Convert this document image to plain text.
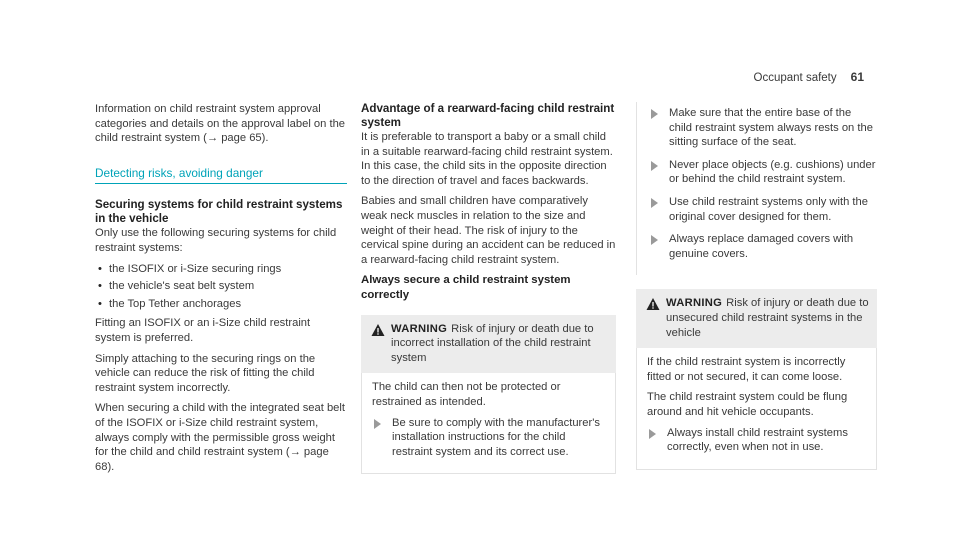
Occupant safety 61

Information on child restraint system approval categories and details on the approval label on the child restraint system (→ page 65).

Detecting risks, avoiding danger
Securing systems for child restraint systems in the vehicle

Only use the following securing systems for child restraint systems:

• the ISOFIX or i-Size securing rings
• the vehicle's seat belt system
• the Top Tether anchorages

Fitting an ISOFIX or an i-Size child restraint system is preferred.

Simply attaching to the securing rings on the vehicle can reduce the risk of fitting the child restraint system incorrectly.

When securing a child with the integrated seat belt of the ISOFIX or i-Size child restraint system, always comply with the permissible gross weight for the child and child restraint system (→ page 68).

Advantage of a rearward-facing child restraint system

It is preferable to transport a baby or a small child in a suitable rearward-facing child restraint system. In this case, the child sits in the opposite direction to the direction of travel and faces backwards.

Babies and small children have comparatively weak neck muscles in relation to the size and weight of their head. The risk of injury to the cervical spine during an accident can be reduced in a rearward-facing child restraint system.

Always secure a child restraint system correctly
WARNING Risk of injury or death due to incorrect installation of the child restraint system

The child can then not be protected or restrained as intended.

Be sure to comply with the manufacturer's installation instructions for the child restraint system and its correct use.
Make sure that the entire base of the child restraint system always rests on the sitting surface of the seat.
Never place objects (e.g. cushions) under or behind the child restraint system.
Use child restraint systems only with the original cover designed for them.
Always replace damaged covers with genuine covers.
WARNING Risk of injury or death due to unsecured child restraint systems in the vehicle

If the child restraint system is incorrectly fitted or not secured, it can come loose.

The child restraint system could be flung around and hit vehicle occupants.

Always install child restraint systems correctly, even when not in use.
